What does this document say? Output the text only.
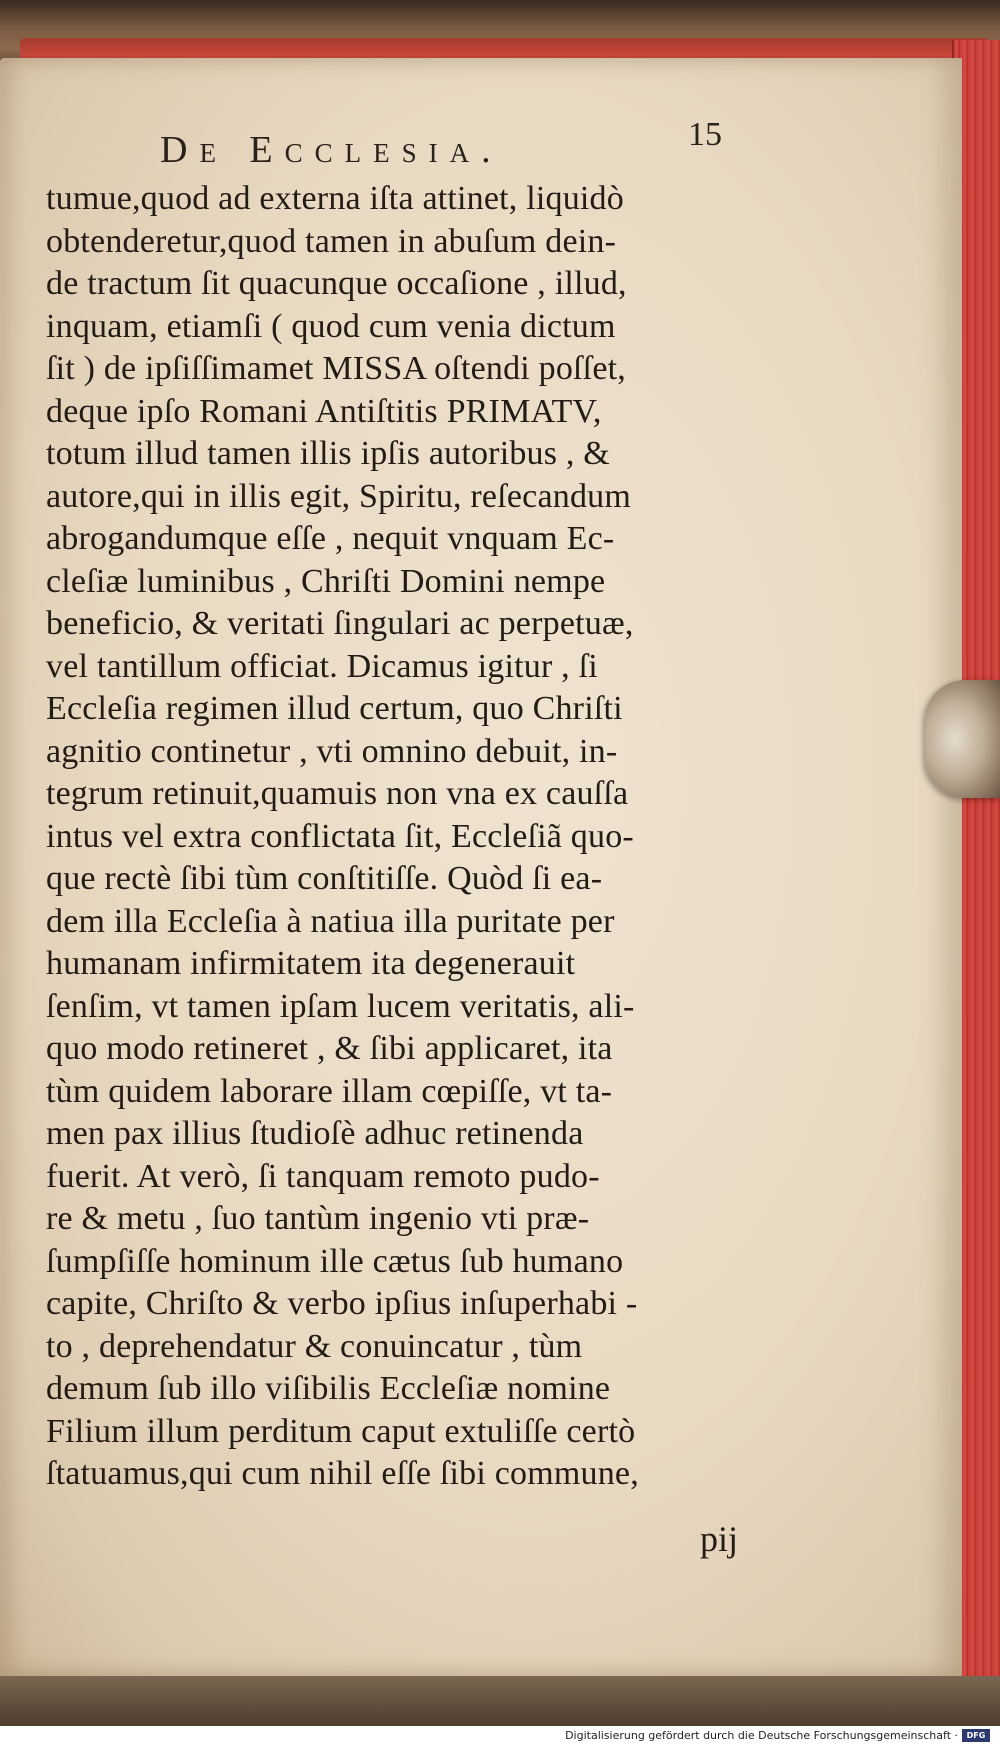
De Ecclesia.	15
tumue,quod ad externa iſta attinet, liquidò
obtenderetur,quod tamen in abuſum dein-
de tractum ſit quacunque occaſione , illud,
inquam, etiamſi ( quod cum venia dictum
ſit ) de ipſiſſimamet MISSA oſtendi poſſet,
deque ipſo Romani Antiſtitis PRIMATV,
totum illud tamen illis ipſis autoribus , &
autore,qui in illis egit, Spiritu, reſecandum
abrogandumque eſſe , nequit vnquam Ec-
cleſiæ luminibus , Chriſti Domini nempe
beneficio, & veritati ſingulari ac perpetuæ,
vel tantillum officiat. Dicamus igitur , ſi
Eccleſia regimen illud certum, quo Chriſti
agnitio continetur , vti omnino debuit, in-
tegrum retinuit,quamuis non vna ex cauſſa
intus vel extra conflictata ſit, Eccleſiã quo-
que rectè ſibi tùm conſtitiſſe. Quòd ſi ea-
dem illa Eccleſia à natiua illa puritate per
humanam infirmitatem ita degenerauit
ſenſim, vt tamen ipſam lucem veritatis, ali-
quo modo retineret , & ſibi applicaret, ita
tùm quidem laborare illam cœpiſſe, vt ta-
men pax illius ſtudioſè adhuc retinenda
fuerit. At verò, ſi tanquam remoto pudo-
re & metu , ſuo tantùm ingenio vti præ-
ſumpſiſſe hominum ille cætus ſub humano
capite, Chriſto & verbo ipſius inſuperhabi -
to , deprehendatur & conuincatur , tùm
demum ſub illo viſibilis Eccleſiæ nomine
Filium illum perditum caput extuliſſe certò
ſtatuamus,qui cum nihil eſſe ſibi commune,
pij
Digitalisierung gefördert durch die Deutsche Forschungsgemeinschaft ·	DFG
